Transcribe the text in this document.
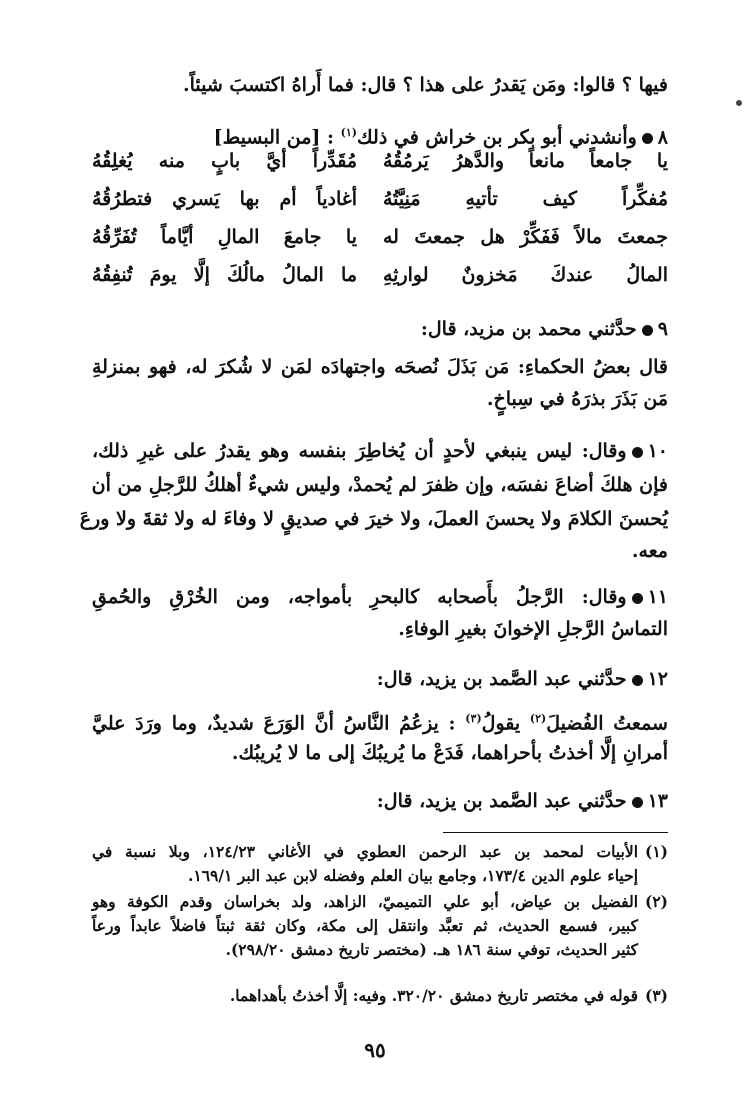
فيها ؟ قالوا: ومَن يَقدرُ على هذا ؟ قال: فما أَراهُ اكتسبَ شيئاً.
٨وأنشدني أبو بكر بن خراش في ذلك$^{(١)}$ : [من البسيط]
يا جامعاً مانعاً والدَّهرُ يَرمُقُهُ
مُقَدِّراً أيَّ بابٍ منه يُغلِقُهُ
مُفكِّراً كيف تأتيهِ مَنِيَّتُهُ
أغادياً أم بها يَسري فتطرُقُهُ
جمعتَ مالاً فَفَكِّرْ هل جمعتَ له
يا جامعَ المالِ أيَّاماً تُفَرِّقُهُ
المالُ عندكَ مَخزونٌ لوارثِهِ
ما المالُ مالُكَ إلَّا يومَ تُنفِقُهُ
٩حدَّثني محمد بن مزيد، قال:
قال بعضُ الحكماءِ: مَن بَذَلَ نُصحَه واجتهادَه لمَن لا شُكرَ له، فهو بمنزلةِ
مَن بَذَرَ بذرَهُ في سِباخٍ.
١٠وقال: ليس ينبغي لأحدٍ أن يُخاطِرَ بنفسه وهو يقدرُ على غيرِ ذلك،
فإن هلكَ أضاعَ نفسَه، وإن ظفرَ لم يُحمدْ، وليس شيءٌ أهلكُ للرَّجلِ من أن
يُحسنَ الكلامَ ولا يحسنَ العملَ، ولا خيرَ في صديقٍ لا وفاءَ له ولا ثقةَ ولا ورعَ
معه.
١١وقال: الرَّجلُ بأَصحابه كالبحرِ بأمواجه، ومن الخُرْقِ والحُمقِ
التماسُ الرَّجلِ الإخوانَ بغيرِ الوفاءِ.
١٢حدَّثني عبد الصَّمد بن يزيد، قال:
سمعتُ الفُضيلَ$^{(٢)}$ يقولُ$^{(٣)}$ : يزعُمُ النَّاسُ أنَّ الوَرَعَ شديدٌ، وما ورَدَ عليَّ
أمرانِ إلَّا أخذتُ بأحراهما، فَدَعْ ما يُريبُكَ إلى ما لا يُريبُك.
١٣حدَّثني عبد الصَّمد بن يزيد، قال:
(١)
الأبيات لمحمد بن عبد الرحمن العطوي في الأغاني ١٢٤/٢٣، وبلا نسبة في
إحياء علوم الدين ١٧٣/٤، وجامع بيان العلم وفضله لابن عبد البر ١٦٩/١.
(٢)
الفضيل بن عياض، أبو علي التميميّ، الزاهد، ولد بخراسان وقدم الكوفة وهو
كبير، فسمع الحديث، ثم تعبَّد وانتقل إلى مكة، وكان ثقة ثبتاً فاضلاً عابداً ورعاً
كثير الحديث، توفي سنة ١٨٦ هـ. (مختصر تاريخ دمشق ٢٩٨/٢٠).
(٣)
قوله في مختصر تاريخ دمشق ٣٢٠/٢٠. وفيه: إلَّا أخذتُ بأهداهما.
٩٥
